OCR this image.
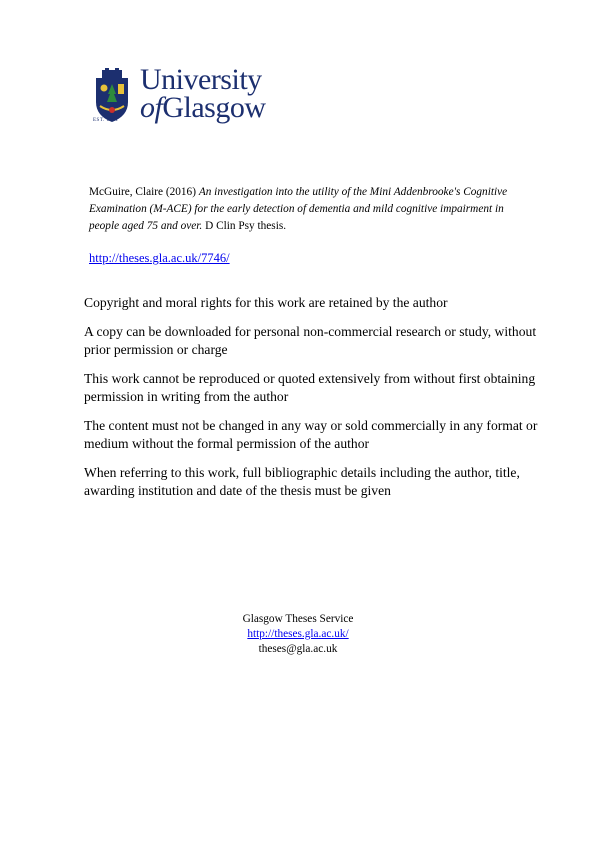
EST. 1451
University
ofGlasgow
McGuire, Claire (2016) An investigation into the utility of the Mini Addenbrooke's Cognitive Examination (M-ACE) for the early detection of dementia and mild cognitive impairment in people aged 75 and over. D Clin Psy thesis.
http://theses.gla.ac.uk/7746/

Copyright and moral rights for this work are retained by the author

A copy can be downloaded for personal non-commercial research or study, without prior permission or charge

This work cannot be reproduced or quoted extensively from without first obtaining permission in writing from the author

The content must not be changed in any way or sold commercially in any format or medium without the formal permission of the author

When referring to this work, full bibliographic details including the author, title, awarding institution and date of the thesis must be given

Glasgow Theses Service
http://theses.gla.ac.uk/
theses@gla.ac.uk
